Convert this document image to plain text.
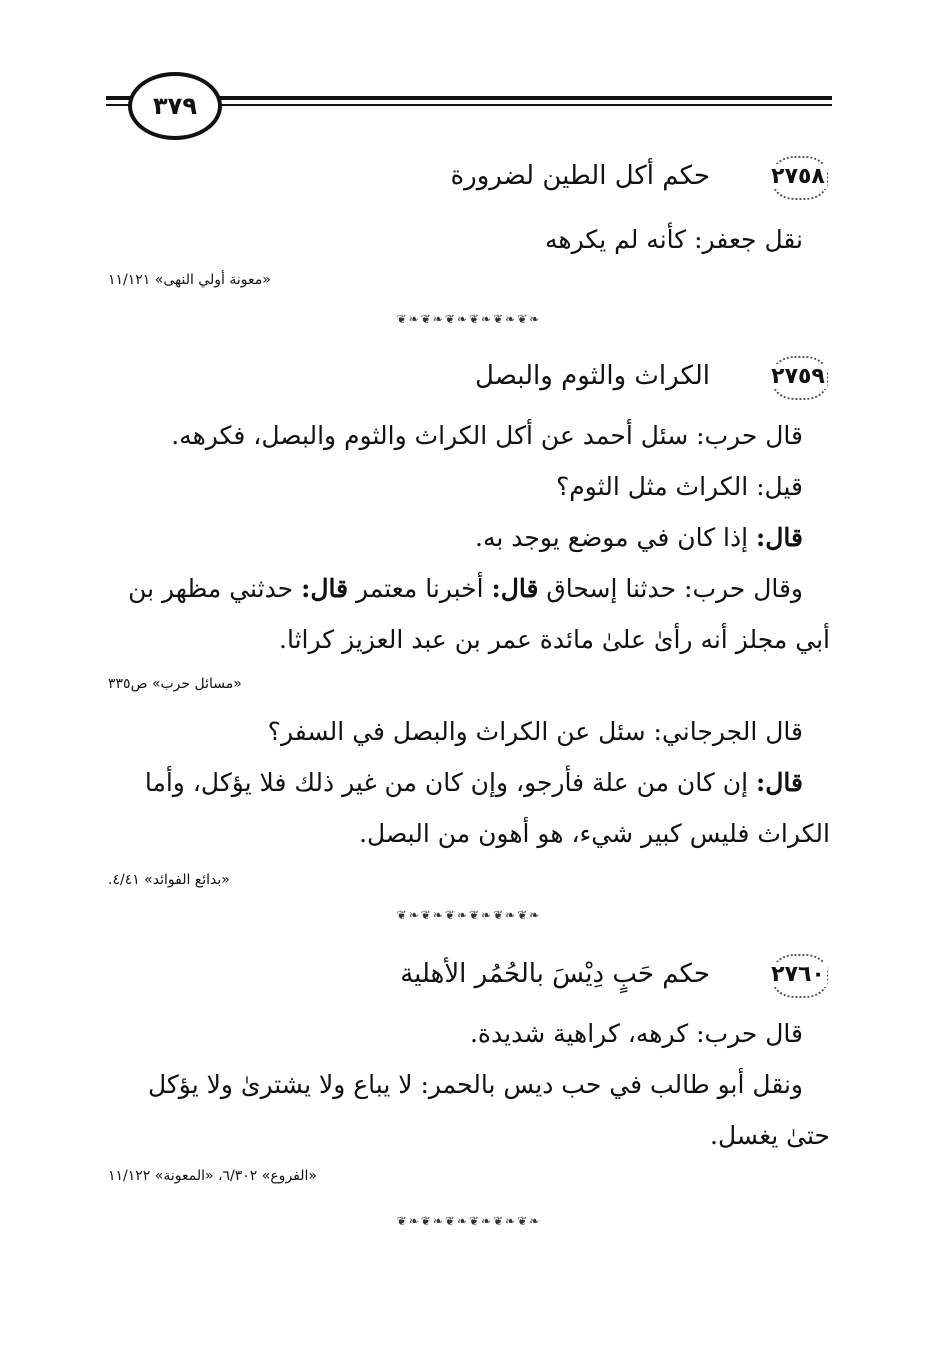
٣٧٩
٢٧٥٨
حكم أكل الطين لضرورة

نقل جعفر: كأنه لم يكرهه

«معونة أولي النهى» ١١/١٢١
❦❧❦❧❦❧❦❧❦❧❦❧
٢٧٥٩
الكراث والثوم والبصل

قال حرب: سئل أحمد عن أكل الكراث والثوم والبصل، فكرهه.

قيل: الكراث مثل الثوم؟

قال: إذا كان في موضع يوجد به.

وقال حرب: حدثنا إسحاق قال: أخبرنا معتمر قال: حدثني مظهر بن

أبي مجلز أنه رأىٰ علىٰ مائدة عمر بن عبد العزيز كراثا.

«مسائل حرب» ص٣٣٥

قال الجرجاني: سئل عن الكراث والبصل في السفر؟

قال: إن كان من علة فأرجو، وإن كان من غير ذلك فلا يؤكل، وأما

الكراث فليس كبير شيء، هو أهون من البصل.

«بدائع الفوائد» ٤/٤١.
❦❧❦❧❦❧❦❧❦❧❦❧
٢٧٦٠
حكم حَبٍ دِيْسَ بالحُمُر الأهلية

قال حرب: كرهه، كراهية شديدة.

ونقل أبو طالب في حب ديس بالحمر: لا يباع ولا يشترىٰ ولا يؤكل

حتىٰ يغسل.

«الفروع» ٦/٣٠٢، «المعونة» ١١/١٢٢
❦❧❦❧❦❧❦❧❦❧❦❧
